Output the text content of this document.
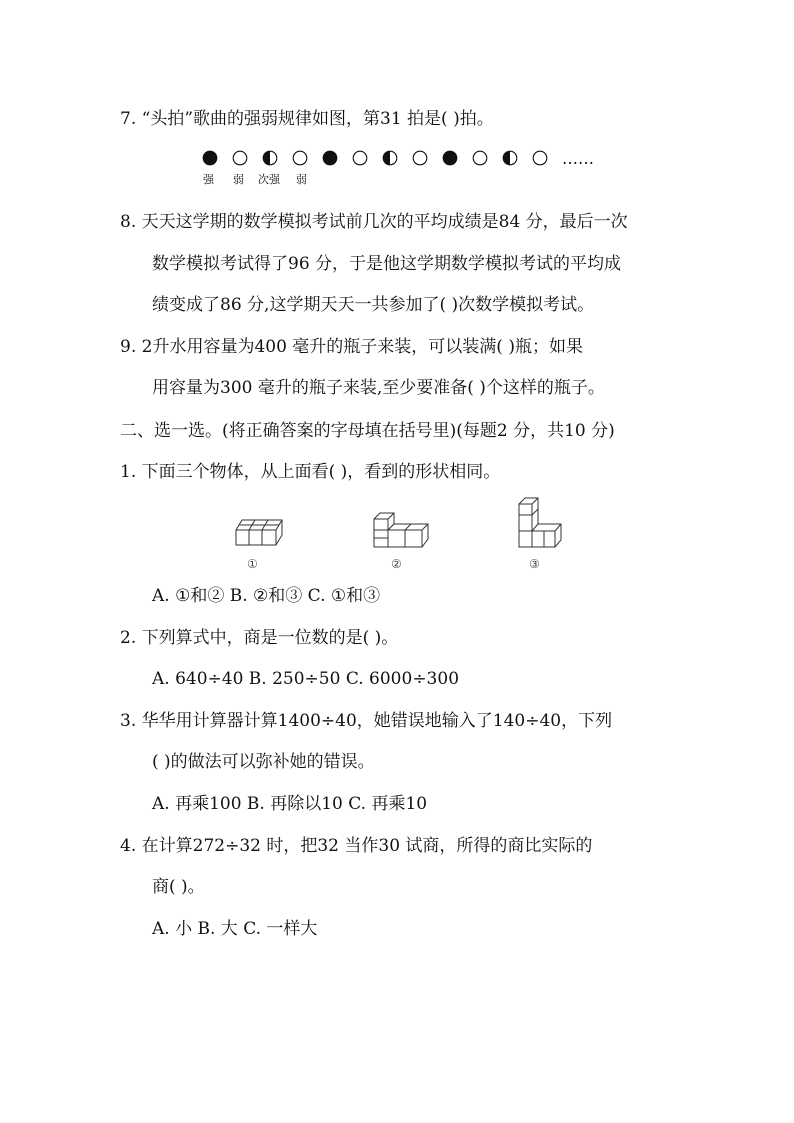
7. “头拍”歌曲的强弱规律如图，第31 拍是( )拍。
……
强 弱 次强 弱
8. 天天这学期的数学模拟考试前几次的平均成绩是84 分，最后一次
数学模拟考试得了96 分，于是他这学期数学模拟考试的平均成
绩变成了86 分,这学期天天一共参加了( )次数学模拟考试。
9. 2升水用容量为400 毫升的瓶子来装，可以装满( )瓶；如果
用容量为300 毫升的瓶子来装,至少要准备( )个这样的瓶子。
二、选一选。(将正确答案的字母填在括号里)(每题2 分，共10 分)
1. 下面三个物体，从上面看( )，看到的形状相同。
①	②	③
A. ①和② B. ②和③ C. ①和③
2. 下列算式中，商是一位数的是( )。
A. 640÷40 B. 250÷50 C. 6000÷300
3. 华华用计算器计算1400÷40，她错误地输入了140÷40，下列
( )的做法可以弥补她的错误。
A. 再乘100 B. 再除以10 C. 再乘10
4. 在计算272÷32 时，把32 当作30 试商，所得的商比实际的
商( )。
A. 小 B. 大 C. 一样大
